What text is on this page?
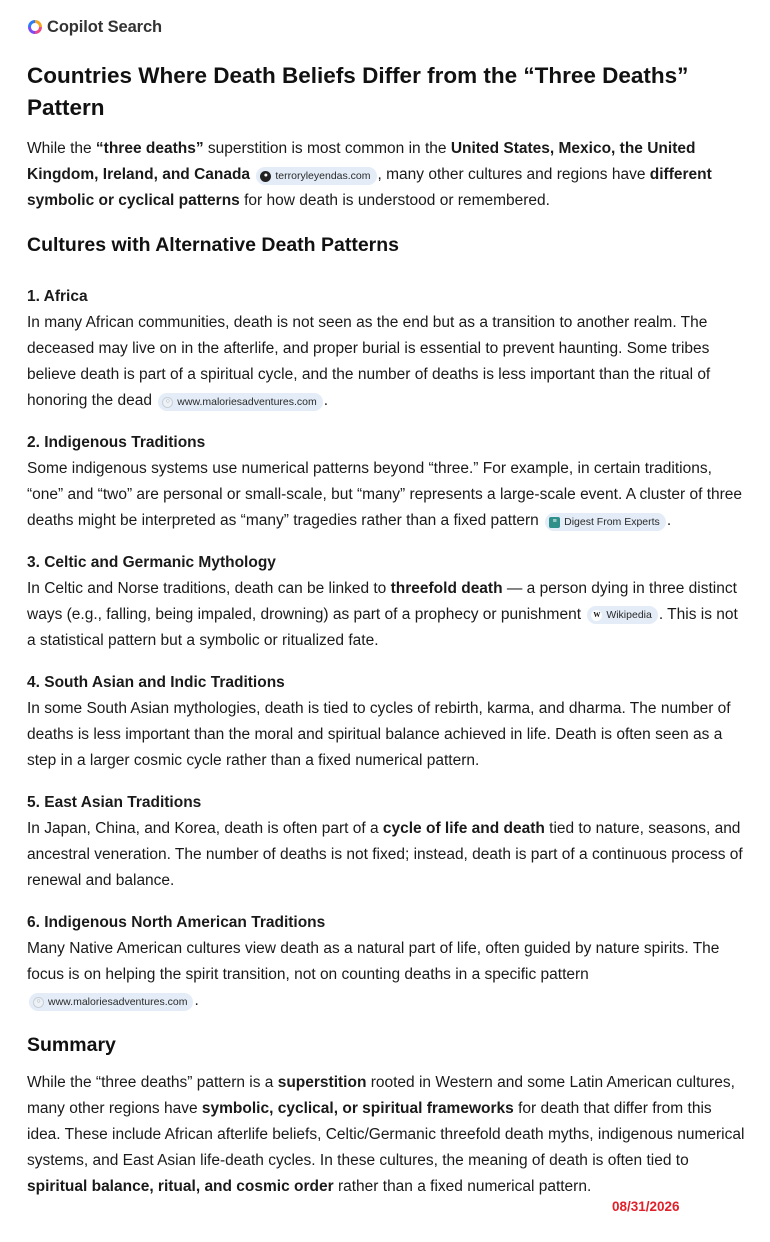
Copilot Search
Countries Where Death Beliefs Differ from the “Three Deaths” Pattern

While the “three deaths” superstition is most common in the United States, Mexico, the United Kingdom, Ireland, and Canada	● terroryleyendas.com , many other cultures and regions have different symbolic or cyclical patterns for how death is understood or remembered.

Cultures with Alternative Death Patterns
1. Africa

In many African communities, death is not seen as the end but as a transition to another realm. The deceased may live on in the afterlife, and proper burial is essential to prevent haunting. Some tribes believe death is part of a spiritual cycle, and the number of deaths is less important than the ritual of honoring the dead	○ www.maloriesadventures.com .

2. Indigenous Traditions

Some indigenous systems use numerical patterns beyond “three.” For example, in certain traditions, “one” and “two” are personal or small-scale, but “many” represents a large-scale event. A cluster of three deaths might be interpreted as “many” tragedies rather than a fixed pattern	≡ Digest From Experts .

3. Celtic and Germanic Mythology

In Celtic and Norse traditions, death can be linked to threefold death — a person dying in three distinct ways (e.g., falling, being impaled, drowning) as part of a prophecy or punishment W Wikipedia . This is not a statistical pattern but a symbolic or ritualized fate.

4. South Asian and Indic Traditions

In some South Asian mythologies, death is tied to cycles of rebirth, karma, and dharma. The number of deaths is less important than the moral and spiritual balance achieved in life. Death is often seen as a step in a larger cosmic cycle rather than a fixed numerical pattern.

5. East Asian Traditions

In Japan, China, and Korea, death is often part of a cycle of life and death tied to nature, seasons, and ancestral veneration. The number of deaths is not fixed; instead, death is part of a continuous process of renewal and balance.

6. Indigenous North American Traditions

Many Native American cultures view death as a natural part of life, often guided by nature spirits. The focus is on helping the spirit transition, not on counting deaths in a specific pattern
○ www.maloriesadventures.com .

Summary

While the “three deaths” pattern is a superstition rooted in Western and some Latin American cultures, many other regions have symbolic, cyclical, or spiritual frameworks for death that differ from this idea. These include African afterlife beliefs, Celtic/Germanic threefold death myths, indigenous numerical systems, and East Asian life-death cycles. In these cultures, the meaning of death is often tied to spiritual balance, ritual, and cosmic order rather than a fixed numerical pattern.

08/31/2026
